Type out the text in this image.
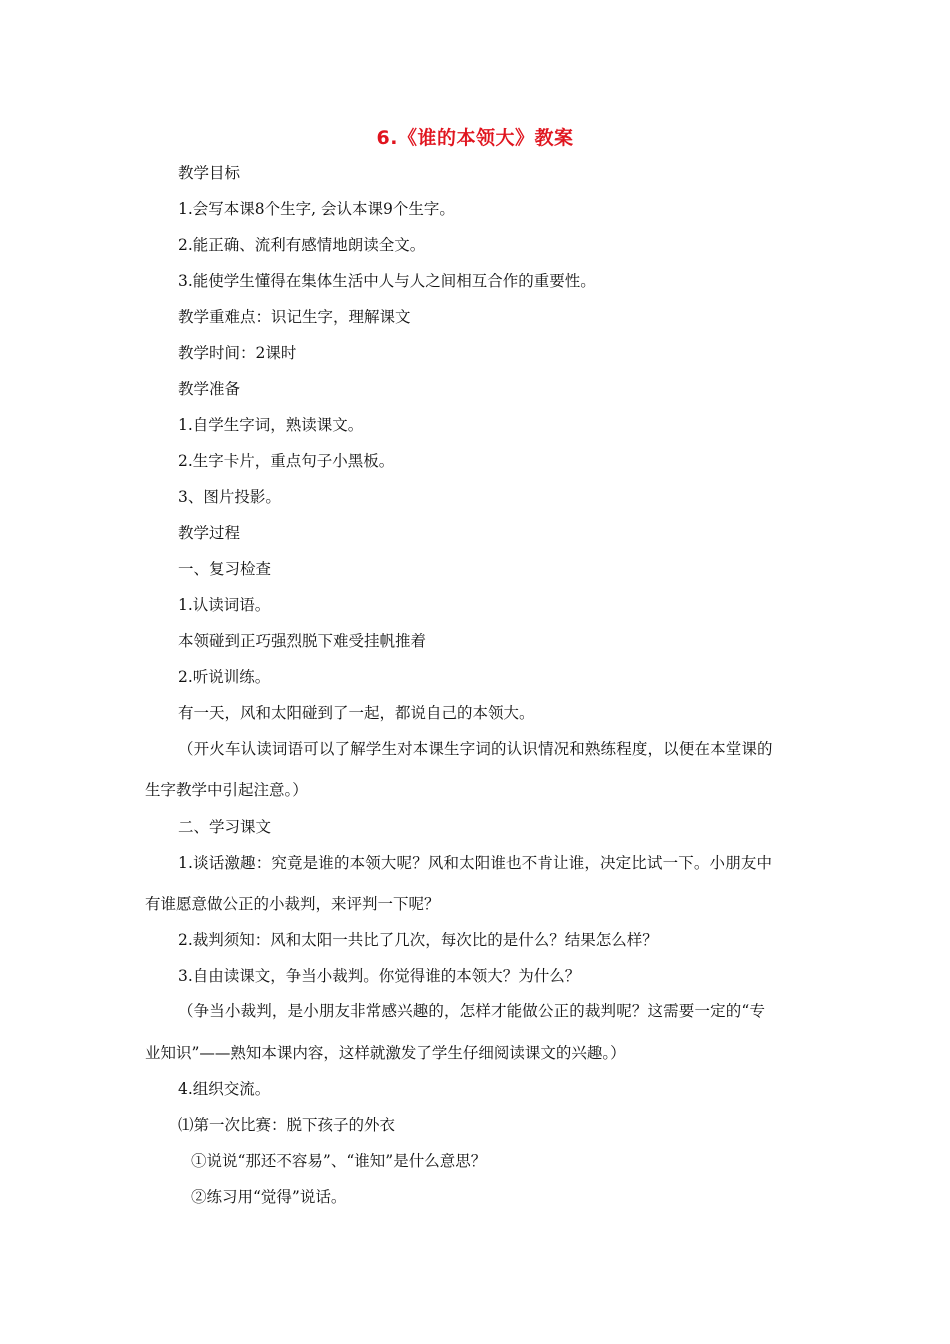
6.《谁的本领大》教案
教学目标
1.会写本课8个生字, 会认本课9个生字。
2.能正确、流利有感情地朗读全文。
3.能使学生懂得在集体生活中人与人之间相互合作的重要性。
教学重难点：识记生字，理解课文
教学时间：2课时
教学准备
1.自学生字词，熟读课文。
2.生字卡片，重点句子小黑板。
3、图片投影。
教学过程
一、复习检查
1.认读词语。
本领碰到正巧强烈脱下难受挂帆推着
2.听说训练。
有一天，风和太阳碰到了一起，都说自己的本领大。
（开火车认读词语可以了解学生对本课生字词的认识情况和熟练程度，以便在本堂课的
生字教学中引起注意。）
二、学习课文
1.谈话激趣：究竟是谁的本领大呢？风和太阳谁也不肯让谁，决定比试一下。小朋友中
有谁愿意做公正的小裁判，来评判一下呢？
2.裁判须知：风和太阳一共比了几次，每次比的是什么？结果怎么样？
3.自由读课文，争当小裁判。你觉得谁的本领大？为什么？
（争当小裁判，是小朋友非常感兴趣的，怎样才能做公正的裁判呢？这需要一定的“专
业知识”——熟知本课内容，这样就激发了学生仔细阅读课文的兴趣。）
4.组织交流。
⑴第一次比赛：脱下孩子的外衣
①说说“那还不容易”、“谁知”是什么意思？
②练习用“觉得”说话。
